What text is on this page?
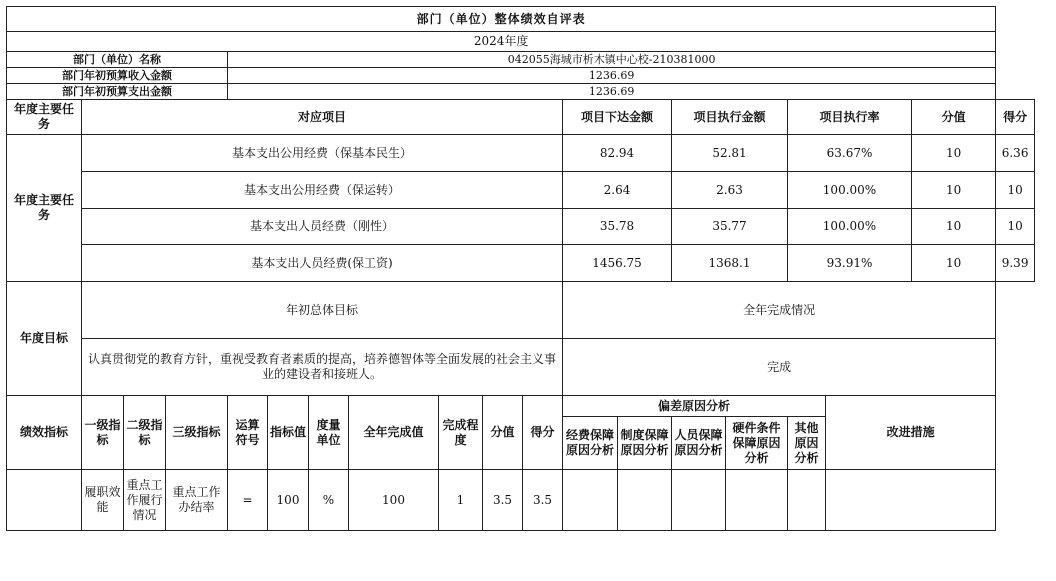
部门（单位）整体绩效自评表																		
2024年度																		
部门（单位）名称				042055海城市析木镇中心校-210381000														
部门年初预算收入金额				1236.69														
部门年初预算支出金额				1236.69														
年度主要任务	对应项目										项目下达金额		项目执行金额		项目执行率		分值	得分
年度主要任务	基本支出公用经费（保基本民生）										82.94		52.81		63.67%		10	6.36
	基本支出公用经费（保运转）										2.64		2.63		100.00%		10	10
	基本支出人员经费（刚性）										35.78		35.77		100.00%		10	10
	基本支出人员经费(保工资)										1456.75		1368.1		93.91%		10	9.39
年度目标	年初总体目标										全年完成情况							
	认真贯彻党的教育方针，重视受教育者素质的提高，培养德智体等全面发展的社会主义事业的建设者和接班人。										完成							
绩效指标	一级指标	二级指标	三级指标	运算符号	指标值	度量单位	全年完成值	完成程度	分值	得分	偏差原因分析					改进措施		
											经费保障原因分析	制度保障原因分析	人员保障原因分析	硬件条件保障原因分析	其他原因分析			
	履职效能	重点工作履行情况	重点工作办结率	=	100	%	100	1	3.5	3.5								
